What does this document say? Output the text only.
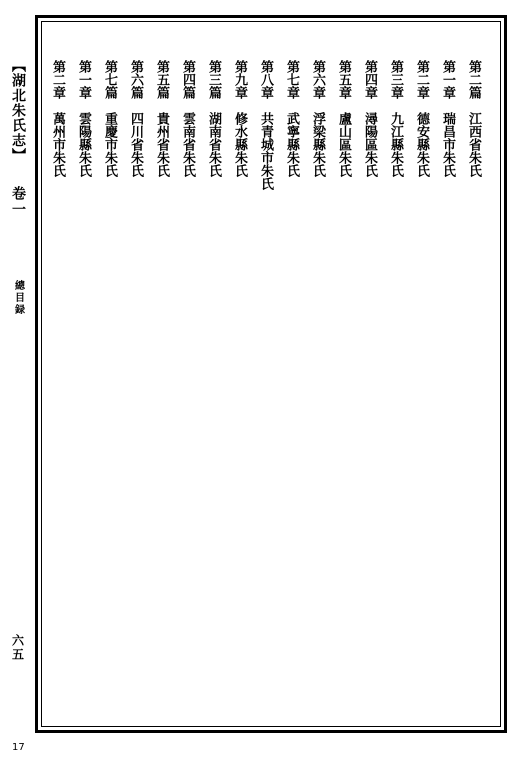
【湖北朱氏志】
卷一
總目録
六五
第二篇江西省朱氏
第一章瑞昌市朱氏
第二章德安縣朱氏
第三章九江縣朱氏
第四章潯陽區朱氏
第五章盧山區朱氏
第六章浮梁縣朱氏
第七章武寧縣朱氏
第八章共青城市朱氏
第九章修水縣朱氏
第三篇湖南省朱氏
第四篇雲南省朱氏
第五篇貴州省朱氏
第六篇四川省朱氏
第七篇重慶市朱氏
第一章雲陽縣朱氏
第二章萬州市朱氏
17
